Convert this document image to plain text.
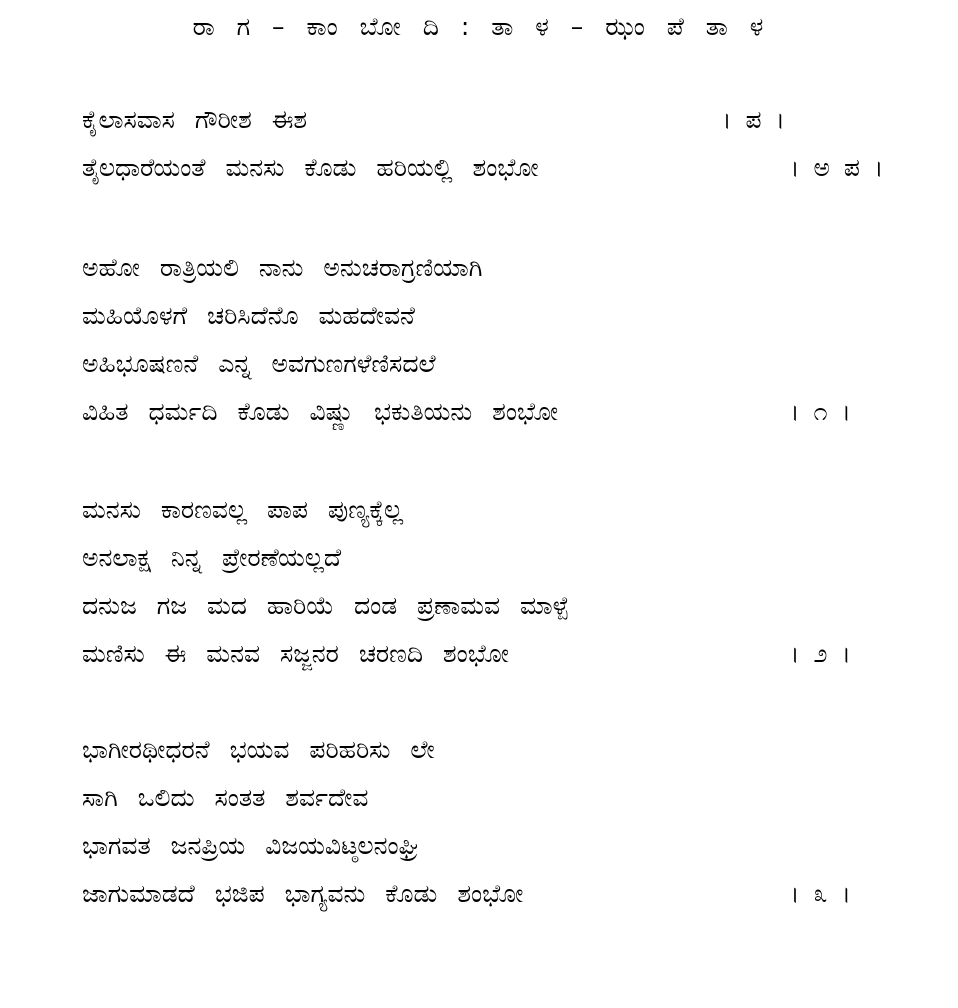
ರಾ ಗ – ಕಾಂ ಬೋ ದಿ : ತಾ ಳ – ಝಂ ಪೆ ತಾ ಳ
ಕೈಲಾಸವಾಸ ಗೌರೀಶ ಈಶ	। ಪ ।
ತೈಲಧಾರೆಯಂತೆ ಮನಸು ಕೊಡು ಹರಿಯಲ್ಲಿ ಶಂಭೋ	। ಅ ಪ ।
ಅಹೋ ರಾತ್ರಿಯಲಿ ನಾನು ಅನುಚರಾಗ್ರಣಿಯಾಗಿ
ಮಹಿಯೊಳಗೆ ಚರಿಸಿದೆನೊ ಮಹದೇವನೆ
ಅಹಿಭೂಷಣನೆ ಎನ್ನ ಅವಗುಣಗಳೆಣಿಸದಲೆ
ವಿಹಿತ ಧರ್ಮದಿ ಕೊಡು ವಿಷ್ಣು ಭಕುತಿಯನು ಶಂಭೋ	। ೧ ।
ಮನಸು ಕಾರಣವಲ್ಲ ಪಾಪ ಪುಣ್ಯಕ್ಕೆಲ್ಲ
ಅನಲಾಕ್ಷ ನಿನ್ನ ಪ್ರೇರಣೆಯಲ್ಲದೆ
ದನುಜ ಗಜ ಮದ ಹಾರಿಯೆ ದಂಡ ಪ್ರಣಾಮವ ಮಾಳ್ಪೆ
ಮಣಿಸು ಈ ಮನವ ಸಜ್ಜನರ ಚರಣದಿ ಶಂಭೋ	। ೨ ।
ಭಾಗೀರಥೀಧರನೆ ಭಯವ ಪರಿಹರಿಸು ಲೇ
ಸಾಗಿ ಒಲಿದು ಸಂತತ ಶರ್ವದೇವ
ಭಾಗವತ ಜನಪ್ರಿಯ ವಿಜಯವಿಟ್ಠಲನಂಘ್ರಿ
ಜಾಗುಮಾಡದೆ ಭಜಿಪ ಭಾಗ್ಯವನು ಕೊಡು ಶಂಭೋ	। ೩ ।
